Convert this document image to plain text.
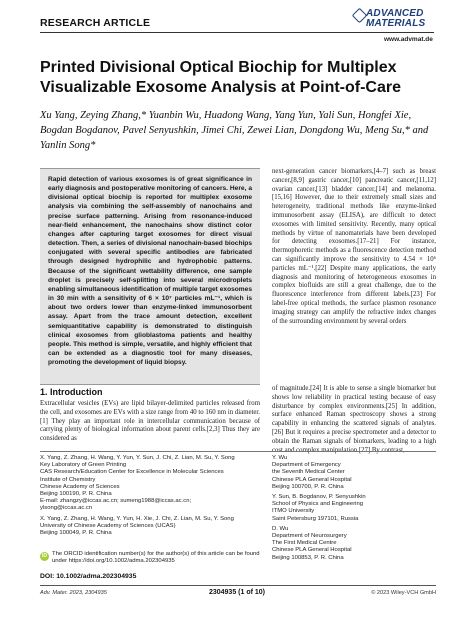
RESEARCH ARTICLE
ADVANCED
MATERIALS
www.advmat.de
Printed Divisional Optical Biochip for Multiplex Visualizable Exosome Analysis at Point-of-Care
Xu Yang, Zeying Zhang,* Yuanbin Wu, Huadong Wang, Yang Yun, Yali Sun, Hongfei Xie, Bogdan Bogdanov, Pavel Senyushkin, Jimei Chi, Zewei Lian, Dongdong Wu, Meng Su,* and Yanlin Song*

Rapid detection of various exosomes is of great significance in early diagnosis and postoperative monitoring of cancers. Here, a divisional optical biochip is reported for multiplex exosome analysis via combining the self-assembly of nanochains and precise surface patterning. Arising from resonance-induced near-field enhancement, the nanochains show distinct color changes after capturing target exosomes for direct visual detection. Then, a series of divisional nanochain-based biochips conjugated with several specific antibodies are fabricated through designed hydrophilic and hydrophobic patterns. Because of the significant wettability difference, one sample droplet is precisely self-splitting into several microdroplets enabling simultaneous identification of multiple target exosomes in 30 min with a sensitivity of 6 × 10⁷ particles mL⁻¹, which is about two orders lower than enzyme-linked immunosorbent assay. Apart from the trace amount detection, excellent semiquantitative capability is demonstrated to distinguish clinical exosomes from glioblastoma patients and healthy people. This method is simple, versatile, and highly efficient that can be extended as a diagnostic tool for many diseases, promoting the development of liquid biopsy.

next-generation cancer biomarkers,[4–7] such as breast cancer,[8,9] gastric cancer,[10] pancreatic cancer,[11,12] ovarian cancer,[13] bladder cancer,[14] and melanoma.[15,16] However, due to their extremely small sizes and heterogeneity, traditional methods like enzyme-linked immunosorbent assay (ELISA), are difficult to detect exosomes with limited sensitivity. Recently, many optical methods by virtue of nanomaterials have been developed for detecting exosomes.[17–21] For instance, thermophoretic methods as a fluorescence detection method can significantly improve the sensitivity to 4.54 × 10⁶ particles mL⁻¹.[22] Despite many applications, the early diagnosis and monitoring of heterogeneous exosomes in complex biofluids are still a great challenge, due to the fluorescence interference from different labels.[23] For label-free optical methods, the surface plasmon resonance imaging strategy can amplify the refractive index changes of the surrounding environment by several orders

1. Introduction

Extracellular vesicles (EVs) are lipid bilayer-delimited particles released from the cell, and exosomes are EVs with a size range from 40 to 160 nm in diameter.[1] They play an important role in intercellular communication because of carrying plenty of biological information about parent cells.[2,3] Thus they are considered as

of magnitude.[24] It is able to sense a single biomarker but shows low reliability in practical testing because of easy disturbance by complex environments.[25] In addition, surface enhanced Raman spectroscopy shows a strong capability in enhancing the scattered signals of analytes.[26] But it requires a precise spectrometer and a detector to obtain the Raman signals of biomarkers, leading to a high

X. Yang, Z. Zhang, H. Wang, Y. Yun, Y. Sun, J. Chi, Z. Lian, M. Su, Y. Song
Key Laboratory of Green Printing
CAS Research/Education Center for Excellence in Molecular Sciences
Institute of Chemistry
Chinese Academy of Sciences
Beijing 100190, P. R. China
E-mail: zhangzy@iccas.ac.cn; sumeng1988@iccas.ac.cn;
ylsong@iccas.ac.cn
X. Yang, Z. Zhang, H. Wang, Y. Yun, H. Xie, J. Chi, Z. Lian, M. Su, Y. Song
University of Chinese Academy of Sciences (UCAS)
Beijing 100049, P. R. China
Y. Wu
Department of Emergency
the Seventh Medical Center
Chinese PLA General Hospital
Beijing 100700, P. R. China
Y. Sun, B. Bogdanov, P. Senyushkin
School of Physics and Engineering
ITMO University
Saint Petersburg 197101, Russia
D. Wu
Department of Neurosurgery
The First Medical Centre
Chinese PLA General Hospital
Beijing 100853, P. R. China
iD The ORCID identification number(s) for the author(s) of this article can be found under https://doi.org/10.1002/adma.202304935
DOI: 10.1002/adma.202304935
Adv. Mater. 2023, 2304935	2304935 (1 of 10)	© 2023 Wiley-VCH GmbH
